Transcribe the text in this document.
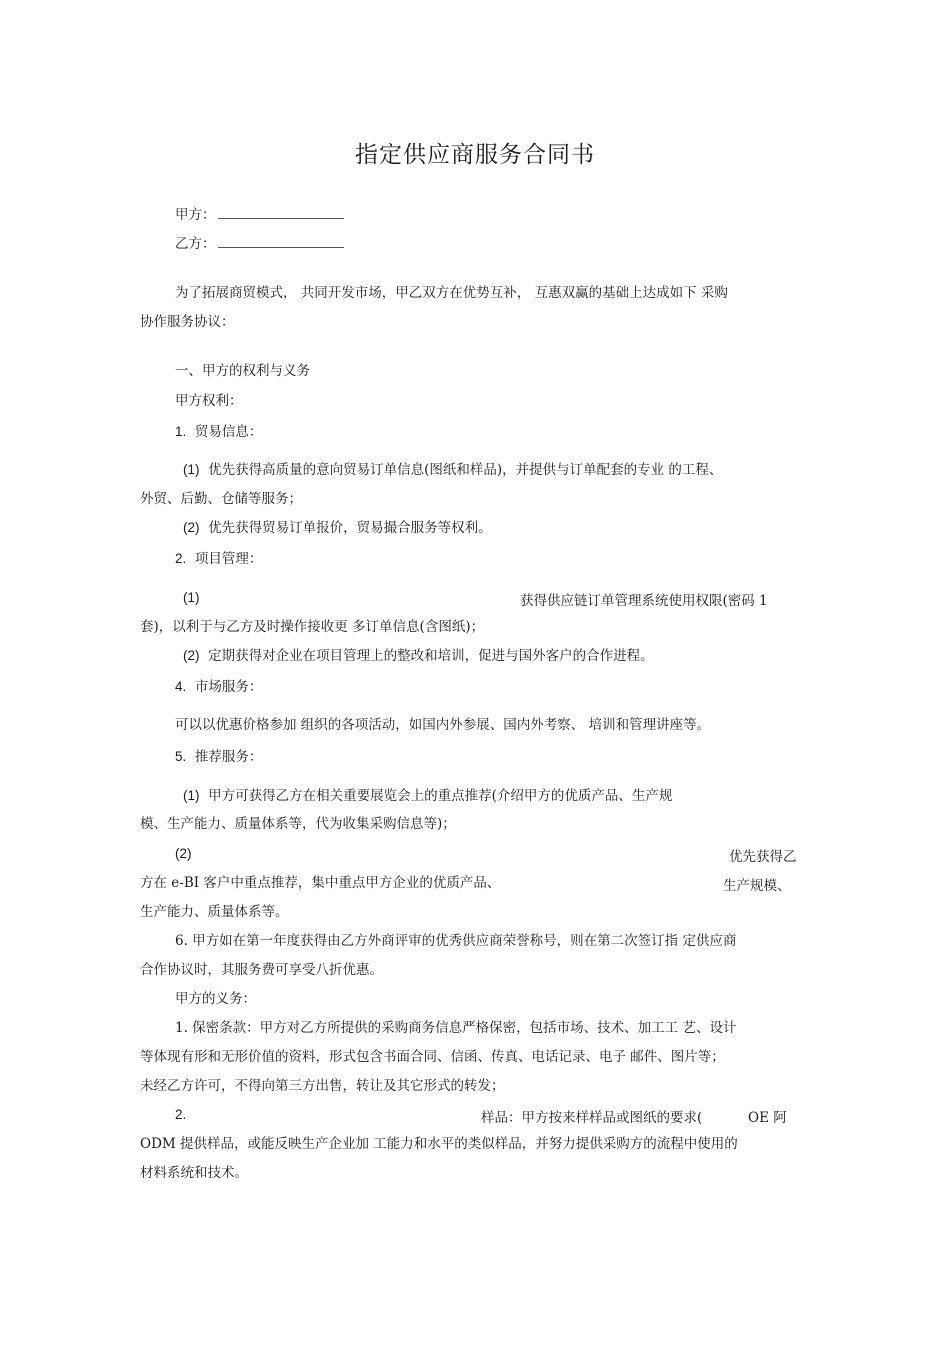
指定供应商服务合同书
甲方：
乙方：
为了拓展商贸模式， 共同开发市场，甲乙双方在优势互补， 互惠双赢的基础上达成如下 采购
协作服务协议：
一、甲方的权利与义务
甲方权利：
1. 贸易信息：
(1) 优先获得高质量的意向贸易订单信息(图纸和样品)，并提供与订单配套的专业 的工程、
外贸、后勤、仓储等服务；
(2) 优先获得贸易订单报价，贸易撮合服务等权利。
2. 项目管理：
(1)	获得供应链订单管理系统使用权限(密码 1
套)，以利于与乙方及时操作接收更 多订单信息(含图纸)；
(2) 定期获得对企业在项目管理上的整改和培训，促进与国外客户的合作进程。
4. 市场服务：
可以以优惠价格参加 组织的各项活动，如国内外参展、国内外考察、 培训和管理讲座等。
5. 推荐服务：
(1) 甲方可获得乙方在相关重要展览会上的重点推荐(介绍甲方的优质产品、生产规
模、生产能力、质量体系等，代为收集采购信息等)；
(2)	优先获得乙
方在 e-BI 客户中重点推荐，集中重点甲方企业的优质产品、	生产规模、
生产能力、质量体系等。
6. 甲方如在第一年度获得由乙方外商评审的优秀供应商荣誉称号，则在第二次签订指 定供应商
合作协议时，其服务费可享受八折优惠。
甲方的义务：
1. 保密条款：甲方对乙方所提供的采购商务信息严格保密，包括市场、技术、加工工 艺、设计
等体现有形和无形价值的资料，形式包含书面合同、信函、传真、电话记录、电子 邮件、图片等；
未经乙方许可，不得向第三方出售，转让及其它形式的转发；
2.	样品：甲方按来样样品或图纸的要求(	OE 阿
ODM 提供样品，或能反映生产企业加 工能力和水平的类似样品，并努力提供采购方的流程中使用的
材料系统和技术。
